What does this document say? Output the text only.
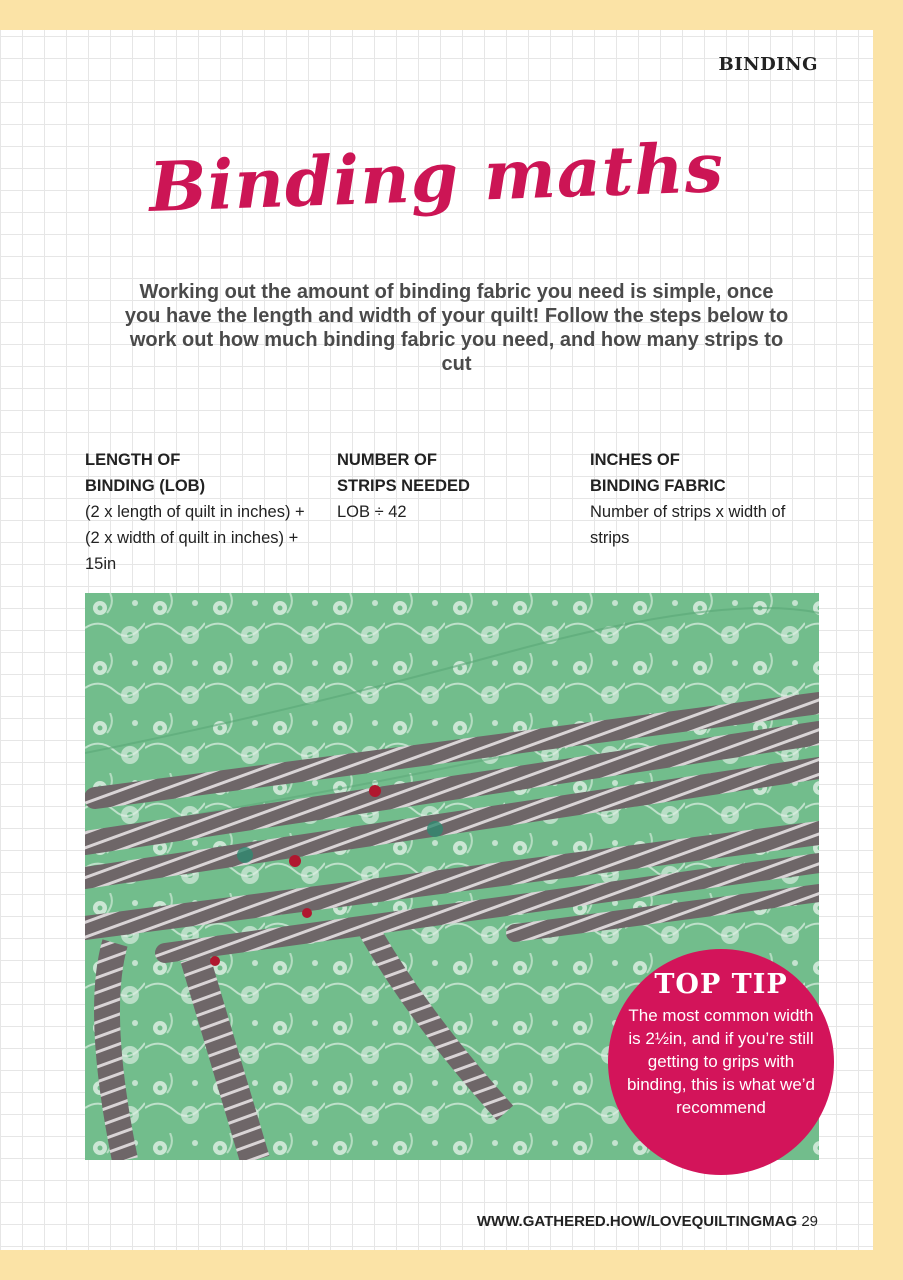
BINDING
Binding maths
Working out the amount of binding fabric you need is simple, once you have the length and width of your quilt! Follow the steps below to work out how much binding fabric you need, and how many strips to cut
LENGTH OF
BINDING (LOB)
(2 x length of quilt in inches) + (2 x width of quilt in inches) + 15in
NUMBER OF
STRIPS NEEDED
LOB ÷ 42
INCHES OF
BINDING FABRIC
Number of strips x width of strips
TOP TIP
The most common width is 2½in, and if you’re still getting to grips with binding, this is what we’d recommend
WWW.GATHERED.HOW/LOVEQUILTINGMAG 29
